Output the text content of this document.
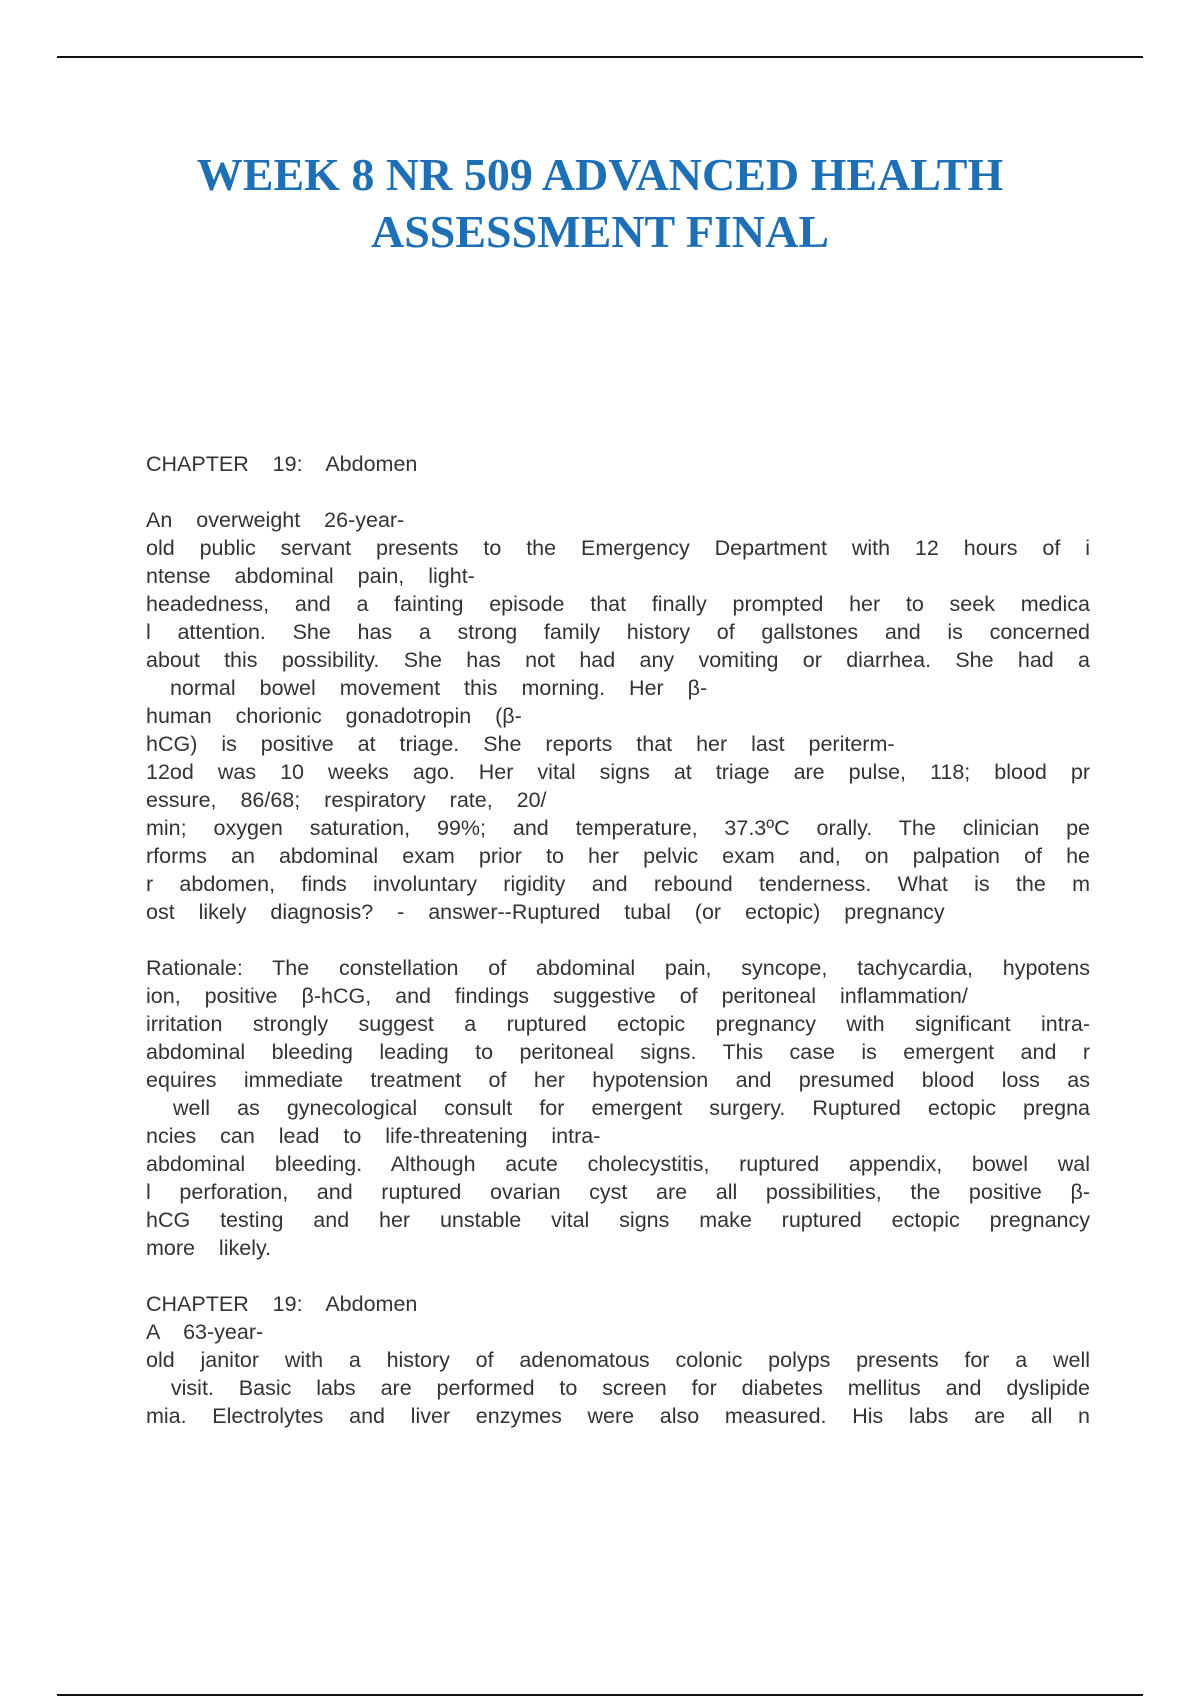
WEEK 8 NR 509 ADVANCED HEALTH
ASSESSMENT FINAL
CHAPTER  19:  Abdomen
An  overweight  26-year-
old  public  servant  presents  to  the  Emergency  Department  with  12  hours  of  i
ntense  abdominal  pain,  light-
headedness,  and  a  fainting  episode  that  finally  prompted  her  to  seek  medica
l  attention.  She  has  a  strong  family  history  of  gallstones  and  is  concerned
about  this  possibility.  She  has  not  had  any  vomiting  or  diarrhea.  She  had  a
normal  bowel  movement  this  morning.  Her  β-
human  chorionic  gonadotropin  (β-
hCG)  is  positive  at  triage.  She  reports  that  her  last  periterm-
12od  was  10  weeks  ago.  Her  vital  signs  at  triage  are  pulse,  118;  blood  pr
essure,  86/68;  respiratory  rate,  20/
min;  oxygen  saturation,  99%;  and  temperature,  37.3ºC  orally.  The  clinician  pe
rforms  an  abdominal  exam  prior  to  her  pelvic  exam  and,  on  palpation  of  he
r  abdomen,  finds  involuntary  rigidity  and  rebound  tenderness.  What  is  the  m
ost  likely  diagnosis?  -  answer--Ruptured  tubal  (or  ectopic)  pregnancy
Rationale:  The  constellation  of  abdominal  pain,  syncope,  tachycardia,  hypotens
ion,  positive  β-hCG,  and  findings  suggestive  of  peritoneal  inflammation/
irritation  strongly  suggest  a  ruptured  ectopic  pregnancy  with  significant  intra-
abdominal  bleeding  leading  to  peritoneal  signs.  This  case  is  emergent  and  r
equires  immediate  treatment  of  her  hypotension  and  presumed  blood  loss  as
well  as  gynecological  consult  for  emergent  surgery.  Ruptured  ectopic  pregna
ncies  can  lead  to  life-threatening  intra-
abdominal  bleeding.  Although  acute  cholecystitis,  ruptured  appendix,  bowel  wal
l  perforation,  and  ruptured  ovarian  cyst  are  all  possibilities,  the  positive  β-
hCG  testing  and  her  unstable  vital  signs  make  ruptured  ectopic  pregnancy
more  likely.
CHAPTER  19:  Abdomen
A  63-year-
old  janitor  with  a  history  of  adenomatous  colonic  polyps  presents  for  a  well
visit.  Basic  labs  are  performed  to  screen  for  diabetes  mellitus  and  dyslipide
mia.  Electrolytes  and  liver  enzymes  were  also  measured.  His  labs  are  all  n
